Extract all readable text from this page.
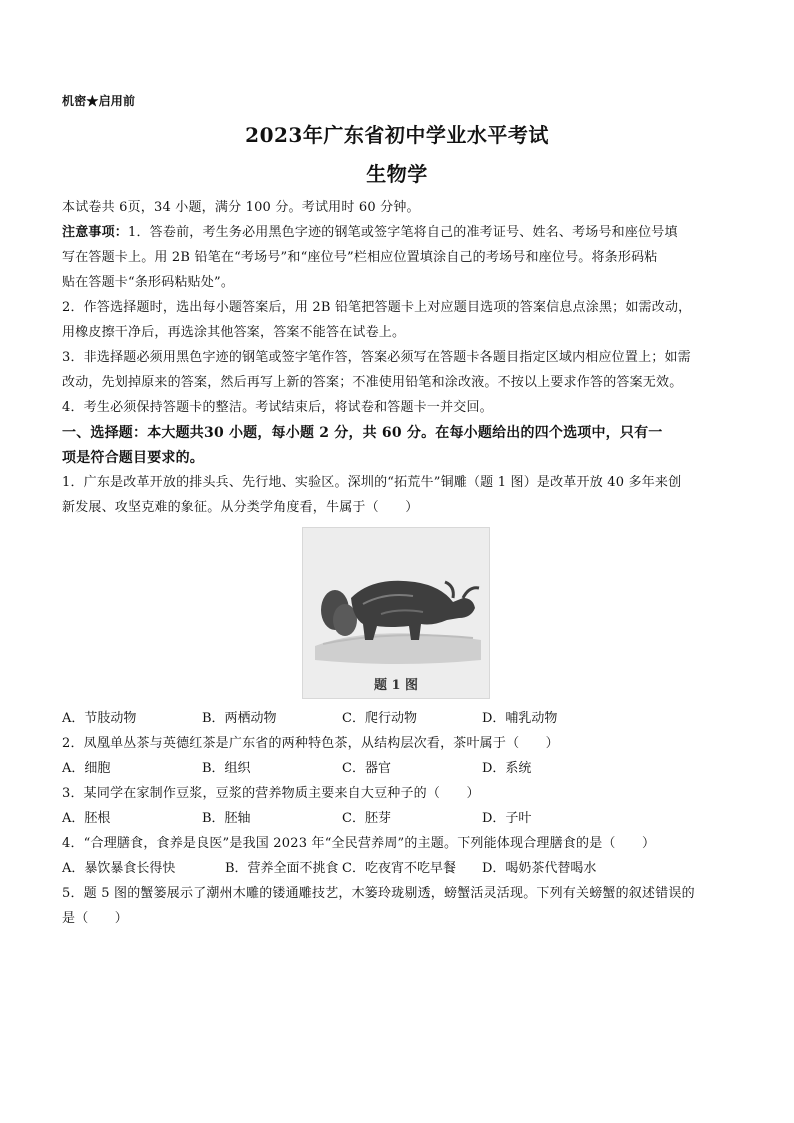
机密★启用前
2023年广东省初中学业水平考试
生物学
本试卷共 6页，34 小题，满分 100 分。考试用时 60 分钟。
注意事项：1．答卷前，考生务必用黑色字迹的钢笔或签字笔将自己的准考证号、姓名、考场号和座位号填
写在答题卡上。用 2B 铅笔在“考场号”和“座位号”栏相应位置填涂自己的考场号和座位号。将条形码粘
贴在答题卡“条形码粘贴处”。
2．作答选择题时，选出每小题答案后，用 2B 铅笔把答题卡上对应题目选项的答案信息点涂黑；如需改动，
用橡皮擦干净后，再选涂其他答案，答案不能答在试卷上。
3．非选择题必须用黑色字迹的钢笔或签字笔作答，答案必须写在答题卡各题目指定区域内相应位置上；如需
改动，先划掉原来的答案，然后再写上新的答案；不准使用铅笔和涂改液。不按以上要求作答的答案无效。
4．考生必须保持答题卡的整洁。考试结束后，将试卷和答题卡一并交回。
一、选择题：本大题共30 小题，每小题 2 分，共 60 分。在每小题给出的四个选项中，只有一
项是符合题目要求的。
1．广东是改革开放的排头兵、先行地、实验区。深圳的“拓荒牛”铜雕（题 1 图）是改革开放 40 多年来创
新发展、攻坚克难的象征。从分类学角度看，牛属于（　　）
题 1 图
A．节肢动物	B．两栖动物	C．爬行动物	D．哺乳动物
2．凤凰单丛茶与英德红茶是广东省的两种特色茶，从结构层次看，茶叶属于（　　）
A．细胞	B．组织	C．器官	D．系统
3．某同学在家制作豆浆，豆浆的营养物质主要来自大豆种子的（　　）
A．胚根	B．胚轴	C．胚芽	D．子叶
4．“合理膳食，食养是良医”是我国 2023 年“全民营养周”的主题。下列能体现合理膳食的是（　　）
A．暴饮暴食长得快	B．营养全面不挑食 C．吃夜宵不吃早餐 D．喝奶茶代替喝水
5．题 5 图的蟹篓展示了潮州木雕的镂通雕技艺，木篓玲珑剔透，螃蟹活灵活现。下列有关螃蟹的叙述错误的
是（　　）
